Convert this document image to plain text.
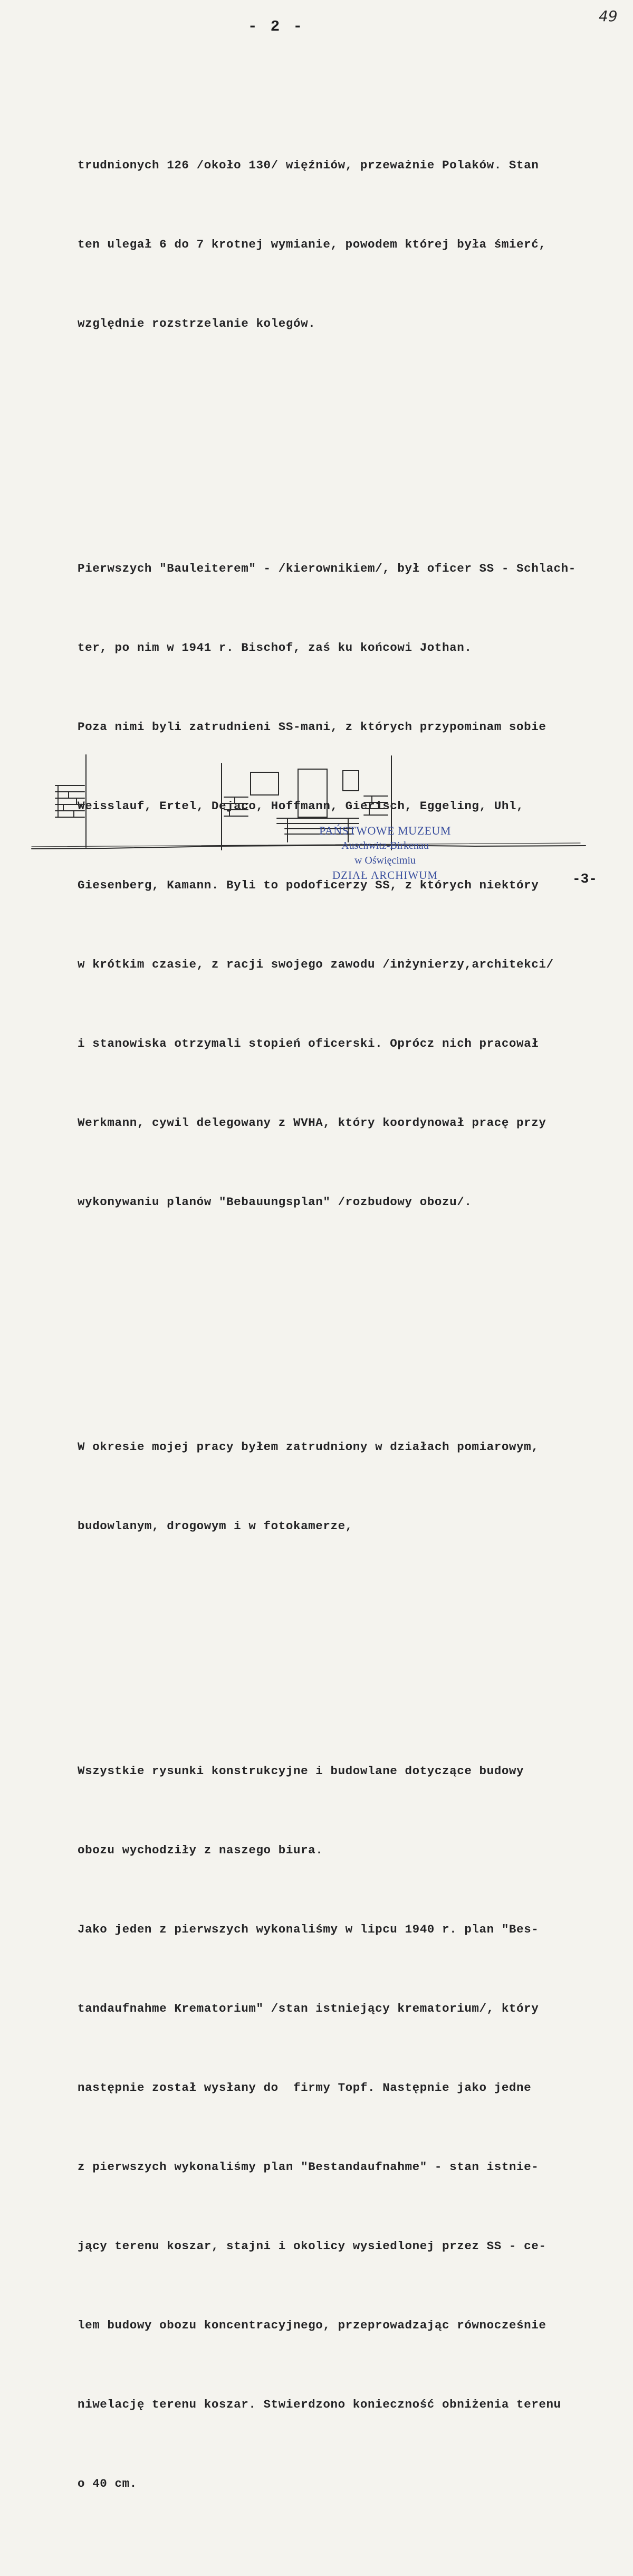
- 2 -
49

trudnionych 126 /około 130/ więźniów, przeważnie Polaków. Stan

ten ulegał 6 do 7 krotnej wymianie, powodem której była śmierć,

względnie rozstrzelanie kolegów.

Pierwszych "Bauleiterem" - /kierownikiem/, był oficer SS - Schlach-

ter, po nim w 1941 r. Bischof, zaś ku końcowi Jothan.

Poza nimi byli zatrudnieni SS-mani, z których przypominam sobie

Weisslauf, Ertel, Dejaco, Hoffmann, Gierisch, Eggeling, Uhl,

Giesenberg, Kamann. Byli to podoficerzy SS, z których niektóry

w krótkim czasie, z racji swojego zawodu /inżynierzy,architekci/

i stanowiska otrzymali stopień oficerski. Oprócz nich pracował

Werkmann, cywil delegowany z WVHA, który koordynował pracę przy

wykonywaniu planów "Bebauungsplan" /rozbudowy obozu/.

W okresie mojej pracy byłem zatrudniony w działach pomiarowym,

budowlanym, drogowym i w fotokamerze,

Wszystkie rysunki konstrukcyjne i budowlane dotyczące budowy

obozu wychodziły z naszego biura.

Jako jeden z pierwszych wykonaliśmy w lipcu 1940 r. plan "Bes-

tandaufnahme Krematorium" /stan istniejący krematorium/, który

następnie został wysłany do  firmy Topf. Następnie jako jedne

z pierwszych wykonaliśmy plan "Bestandaufnahme" - stan istnie-

jący terenu koszar, stajni i okolicy wysiedlonej przez SS - ce-

lem budowy obozu koncentracyjnego, przeprowadzając równocześnie

niwelację terenu koszar. Stwierdzono konieczność obniżenia terenu

o 40 cm.

PAŃSTWOWE MUZEUM
Auschwitz-Birkenau
w Oświęcimiu
DZIAŁ ARCHIWUM	-3-
